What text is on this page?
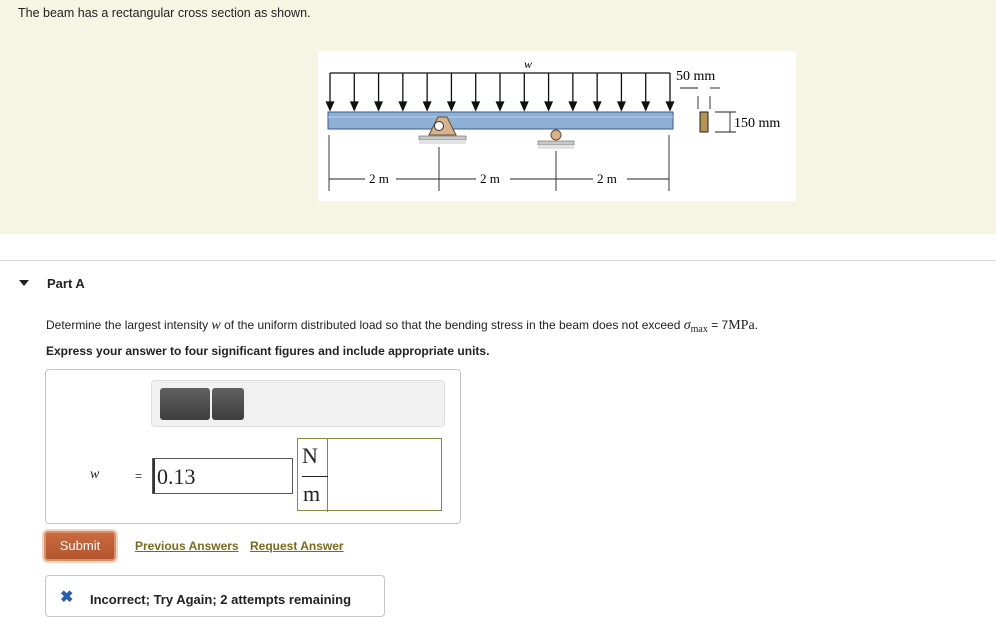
The beam has a rectangular cross section as shown.
w
2 m	2 m	2 m
50 mm
150 mm
Part A
Determine the largest intensity w of the uniform distributed load so that the bending stress in the beam does not exceed $\sigma_{max} = 7MPa$.
Express your answer to four significant figures and include appropriate units.
w	= 0.13
N
m
Submit	Previous Answers Request Answer
✖ Incorrect; Try Again; 2 attempts remaining
